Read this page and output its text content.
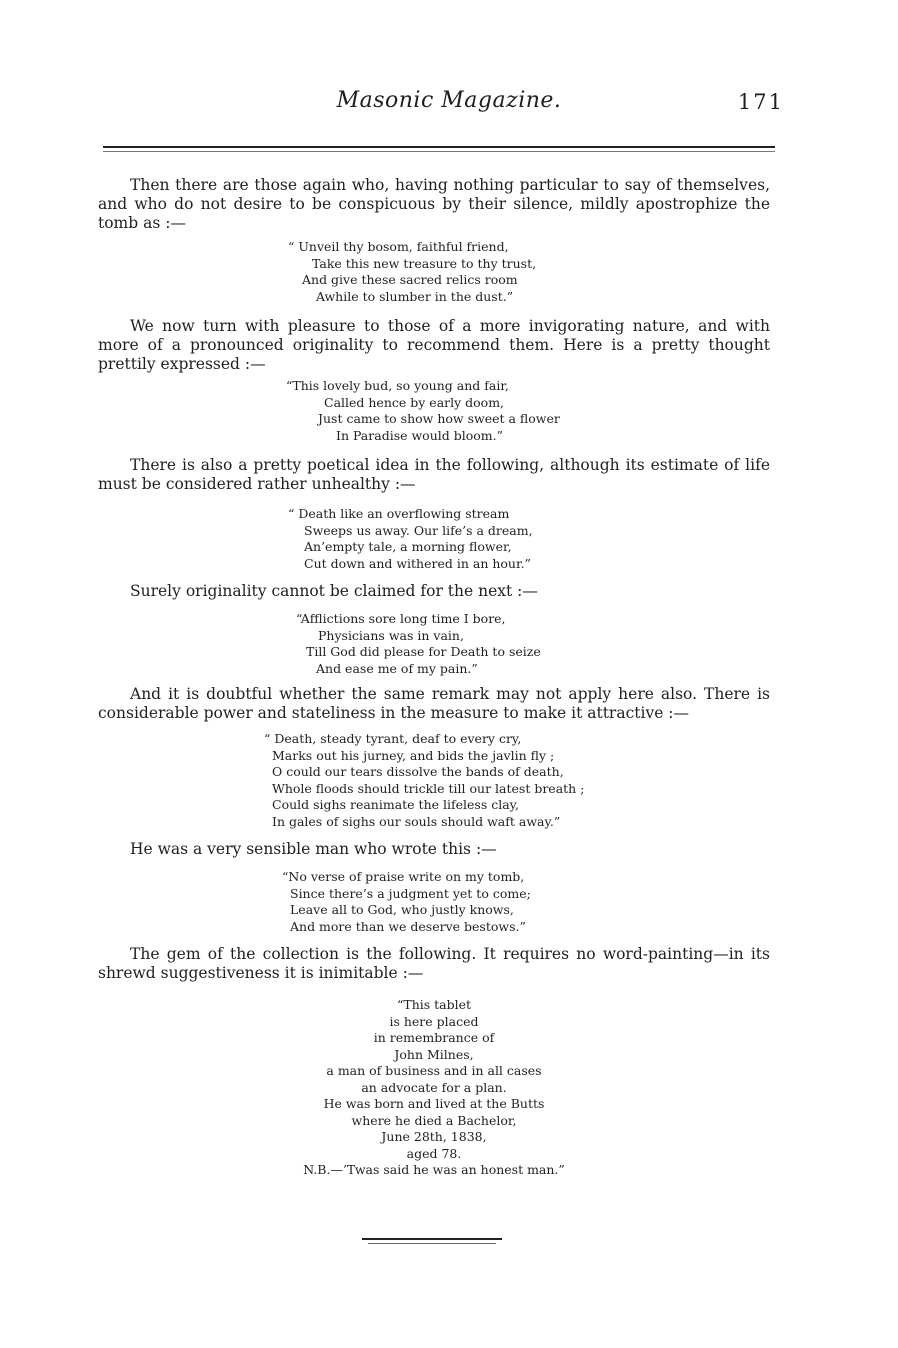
Masonic Magazine.	171

Then there are those again who, having nothing particular to say of themselves, and who do not desire to be conspicuous by their silence, mildly apostrophize the tomb as :—

“ Unveil thy bosom, faithful friend,
Take this new treasure to thy trust,
And give these sacred relics room
Awhile to slumber in the dust.”

We now turn with pleasure to those of a more invigorating nature, and with more of a pronounced originality to recommend them. Here is a pretty thought prettily expressed :—

“This lovely bud, so young and fair,
Called hence by early doom,
Just came to show how sweet a flower
In Paradise would bloom.”

There is also a pretty poetical idea in the following, although its estimate of life must be considered rather unhealthy :—

“ Death like an overflowing stream
Sweeps us away. Our life’s a dream,
An’empty tale, a morning flower,
Cut down and withered in an hour.”

Surely originality cannot be claimed for the next :—

“Afflictions sore long time I bore,
Physicians was in vain,
Till God did please for Death to seize
And ease me of my pain.”

And it is doubtful whether the same remark may not apply here also. There is considerable power and stateliness in the measure to make it attractive :—

“ Death, steady tyrant, deaf to every cry,
Marks out his jurney, and bids the javlin fly ;
O could our tears dissolve the bands of death,
Whole floods should trickle till our latest breath ;
Could sighs reanimate the lifeless clay,
In gales of sighs our souls should waft away.”

He was a very sensible man who wrote this :—

“No verse of praise write on my tomb,
Since there’s a judgment yet to come;
Leave all to God, who justly knows,
And more than we deserve bestows.”

The gem of the collection is the following. It requires no word-painting—in its shrewd suggestiveness it is inimitable :—

“This tablet
is here placed
in remembrance of
John Milnes,
a man of business and in all cases
an advocate for a plan.
He was born and lived at the Butts
where he died a Bachelor,
June 28th, 1838,
aged 78.
N.B.—’Twas said he was an honest man.”
